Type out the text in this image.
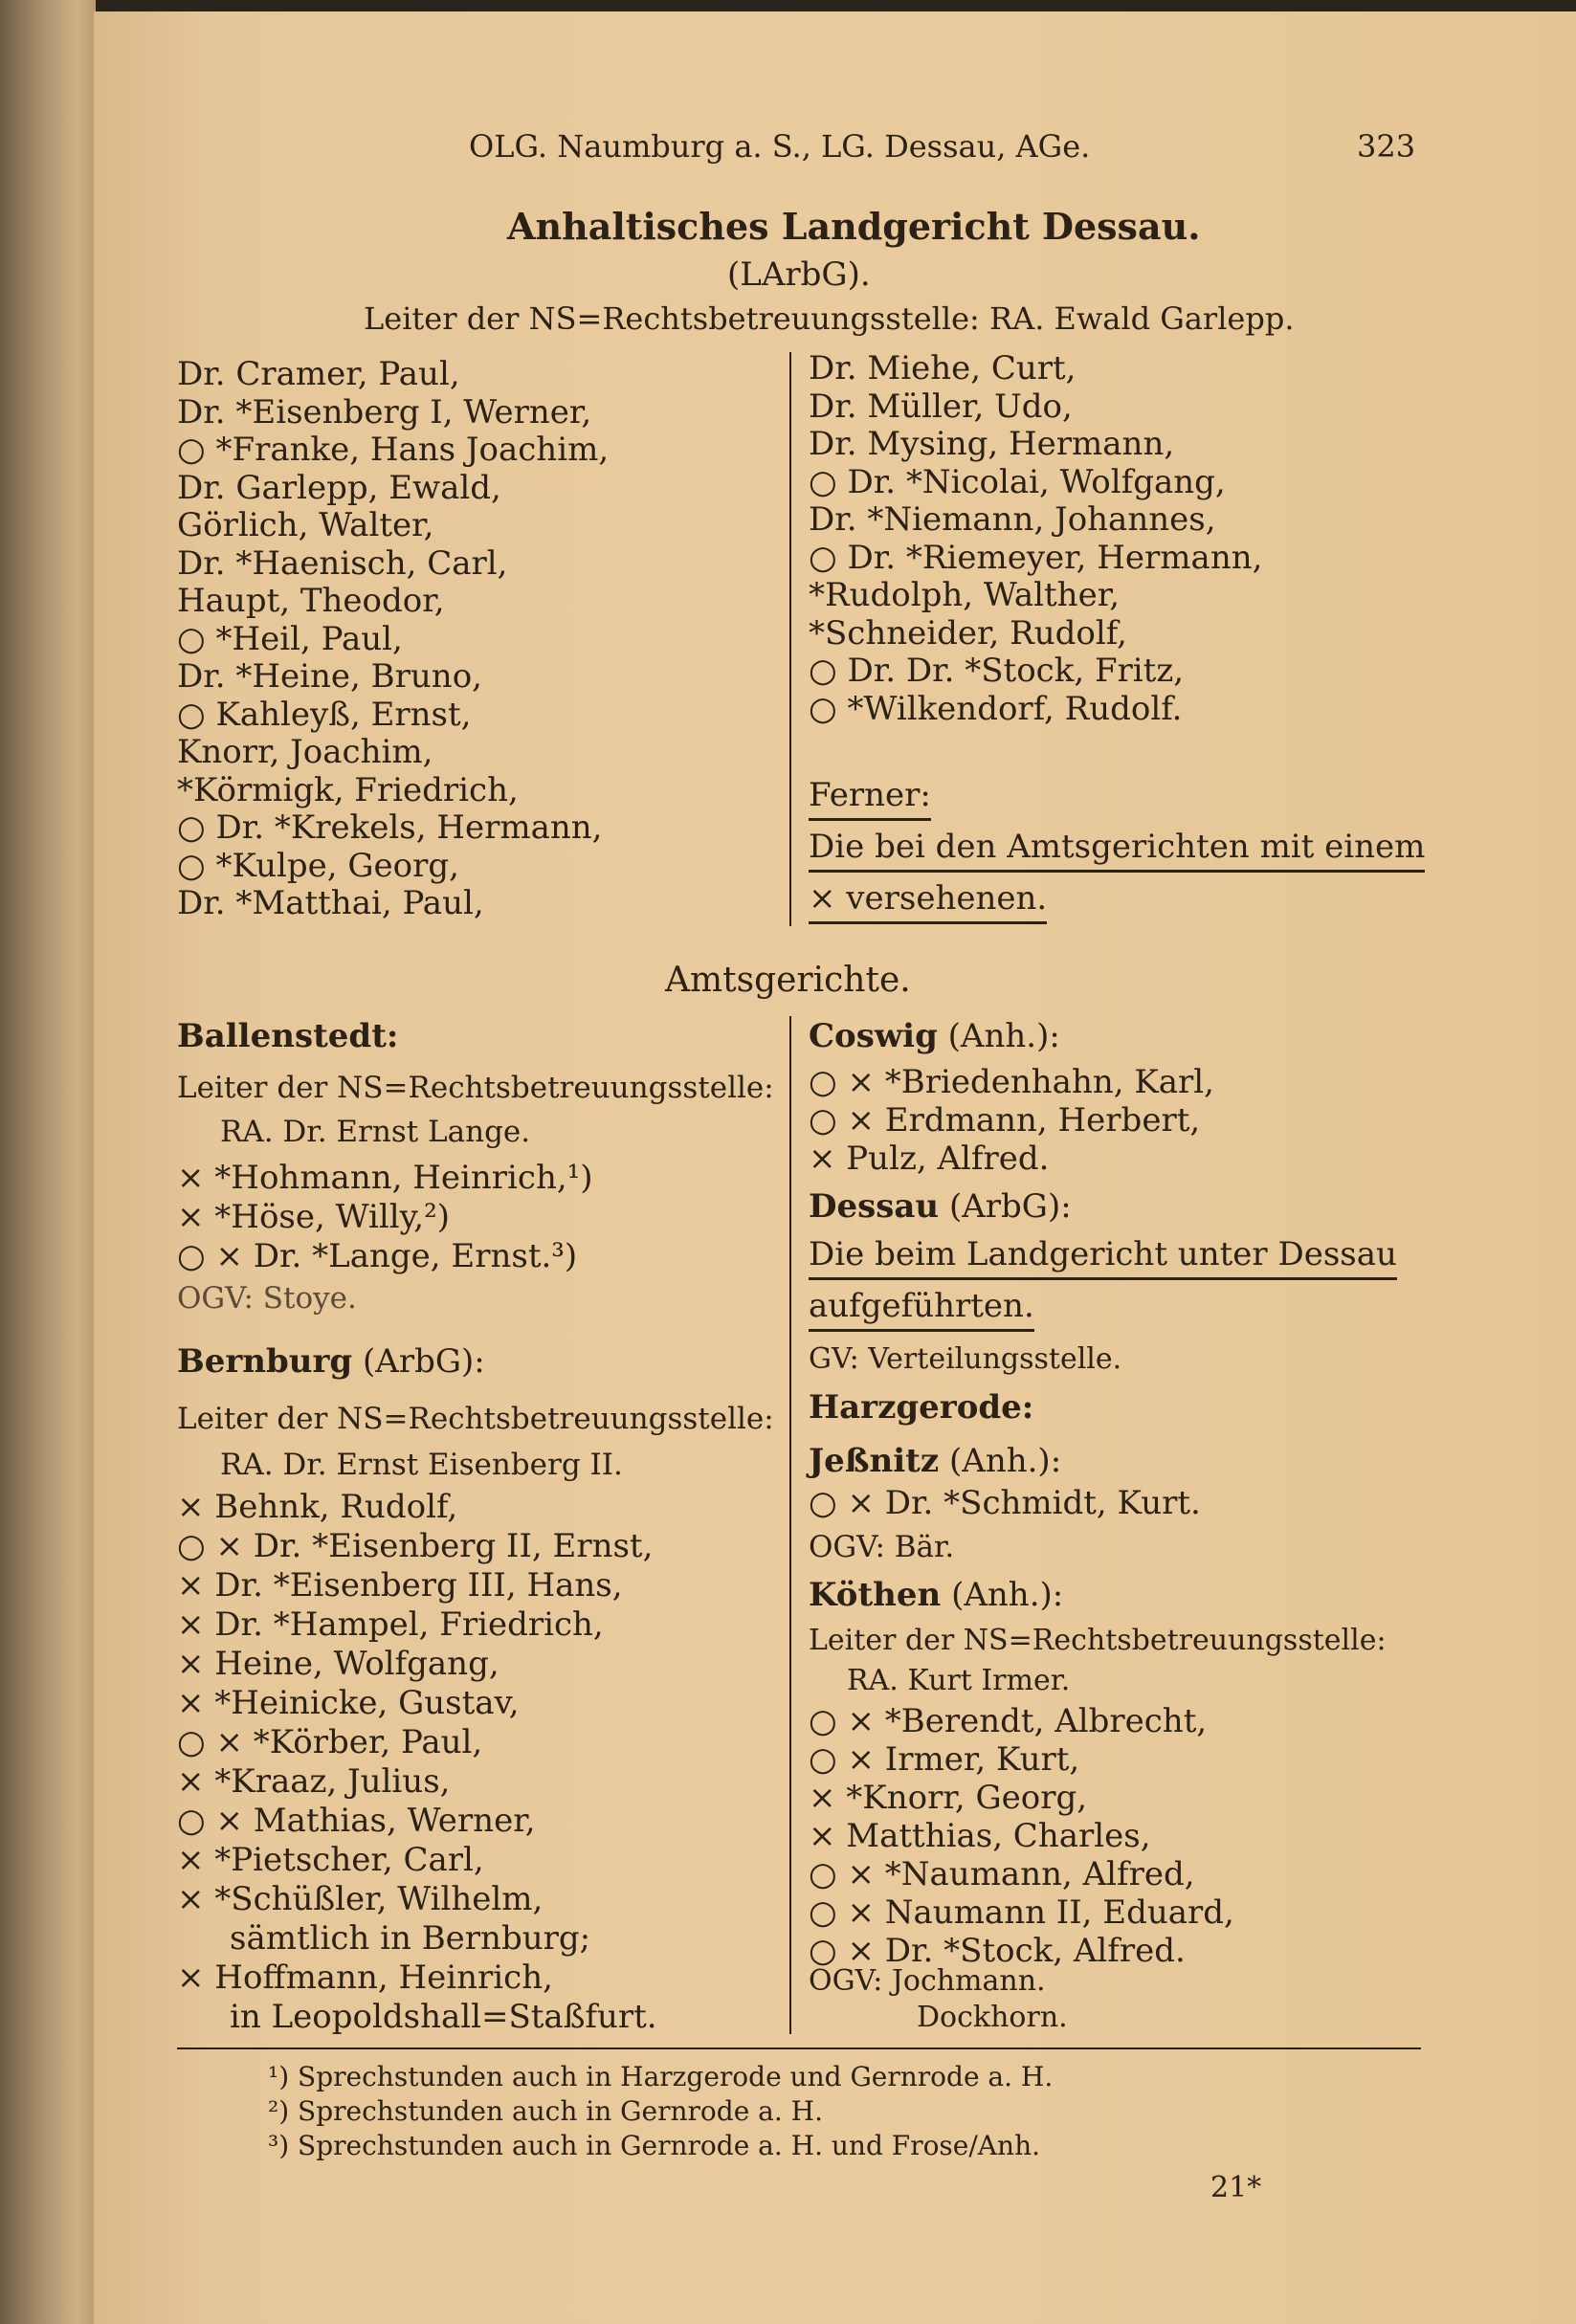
OLG. Naumburg a. S., LG. Dessau, AGe.	323
Anhaltisches Landgericht Dessau.
(LArbG).
Leiter der NS=Rechtsbetreuungsstelle: RA. Ewald Garlepp.
Dr. Cramer, Paul,
Dr. *Eisenberg I, Werner,
○ *Franke, Hans Joachim,
Dr. Garlepp, Ewald,
Görlich, Walter,
Dr. *Haenisch, Carl,
Haupt, Theodor,
○ *Heil, Paul,
Dr. *Heine, Bruno,
○ Kahleyß, Ernst,
Knorr, Joachim,
*Körmigk, Friedrich,
○ Dr. *Krekels, Hermann,
○ *Kulpe, Georg,
Dr. *Matthai, Paul,
Dr. Miehe, Curt,
Dr. Müller, Udo,
Dr. Mysing, Hermann,
○ Dr. *Nicolai, Wolfgang,
Dr. *Niemann, Johannes,
○ Dr. *Riemeyer, Hermann,
*Rudolph, Walther,
*Schneider, Rudolf,
○ Dr. Dr. *Stock, Fritz,
○ *Wilkendorf, Rudolf.
Ferner:
Die bei den Amtsgerichten mit einem
× versehenen.
Amtsgerichte.
Ballenstedt:
Leiter der NS=Rechtsbetreuungsstelle:
RA. Dr. Ernst Lange.
× *Hohmann, Heinrich,¹)
× *Höse, Willy,²)
○ × Dr. *Lange, Ernst.³)
OGV: Stoye.
Bernburg (ArbG):
Leiter der NS=Rechtsbetreuungsstelle:
RA. Dr. Ernst Eisenberg II.
× Behnk, Rudolf,
○ × Dr. *Eisenberg II, Ernst,
× Dr. *Eisenberg III, Hans,
× Dr. *Hampel, Friedrich,
× Heine, Wolfgang,
× *Heinicke, Gustav,
○ × *Körber, Paul,
× *Kraaz, Julius,
○ × Mathias, Werner,
× *Pietscher, Carl,
× *Schüßler, Wilhelm,
sämtlich in Bernburg;
× Hoffmann, Heinrich,
in Leopoldshall=Staßfurt.
Coswig (Anh.):
○ × *Briedenhahn, Karl,
○ × Erdmann, Herbert,
× Pulz, Alfred.
Dessau (ArbG):
Die beim Landgericht unter Dessau
aufgeführten.
GV: Verteilungsstelle.
Harzgerode:
Jeßnitz (Anh.):
○ × Dr. *Schmidt, Kurt.
OGV: Bär.
Köthen (Anh.):
Leiter der NS=Rechtsbetreuungsstelle:
RA. Kurt Irmer.
○ × *Berendt, Albrecht,
○ × Irmer, Kurt,
× *Knorr, Georg,
× Matthias, Charles,
○ × *Naumann, Alfred,
○ × Naumann II, Eduard,
○ × Dr. *Stock, Alfred.
OGV: Jochmann.
Dockhorn.
¹) Sprechstunden auch in Harzgerode und Gernrode a. H.
²) Sprechstunden auch in Gernrode a. H.
³) Sprechstunden auch in Gernrode a. H. und Frose/Anh.
21*
